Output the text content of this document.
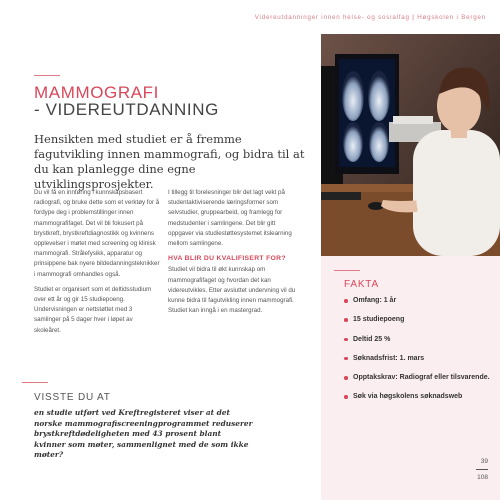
Videreutdanninger innen helse- og sosialfag | Høgskolen i Bergen
MAMMOGRAFI
- VIDEREUTDANNING
Hensikten med studiet er å fremme fagutvikling innen mammografi, og bidra til at du kan planlegge dine egne utviklingsprosjekter.

Du vil få en innføring i kunnskapsbasert radiografi, og bruke dette som et verktøy for å fordype deg i problemstillinger innen mammografifaget. Det vil bli fokusert på brystkreft, brystkreftdiagnostikk og kvinnens opplevelser i møtet med screening og klinisk mammografi. Strålefysikk, apparatur og prinsippene bak nyere bildedanningsteknikker i mammografi omhandles også.

Studiet er organisert som et deltidsstudium over ett år og gir 15 studiepoeng. Undervisningen er nettstøttet med 3 samlinger på 5 dager hver i løpet av skoleåret.

I tillegg til forelesninger blir det lagt vekt på studentaktiviserende læringsformer som selvstudier, gruppearbeid, og framlegg for medstudenter i samlingene. Det blir gitt oppgaver via studiestøttesystemet itslearning mellom samlingene.

HVA BLIR DU KVALIFISERT FOR?

Studiet vil bidra til økt kunnskap om mammografifaget og hvordan det kan videreutvikles. Etter avsluttet undervning vil du kunne bidra til fagutvikling innen mammografi. Studiet kan inngå i en mastergrad.

FAKTA
Omfang: 1 år
15 studiepoeng
Deltid 25 %
Søknadsfrist: 1. mars
Opptakskrav: Radiograf eller tilsvarende.
Søk via høgskolens søknadsweb
VISSTE DU AT
en studie utført ved Kreftregisteret viser at det norske mammografiscreeningprogrammet reduserer brystkreftdødeligheten med 43 prosent blant kvinner som møter, sammenlignet med de som ikke møter?
39
108
